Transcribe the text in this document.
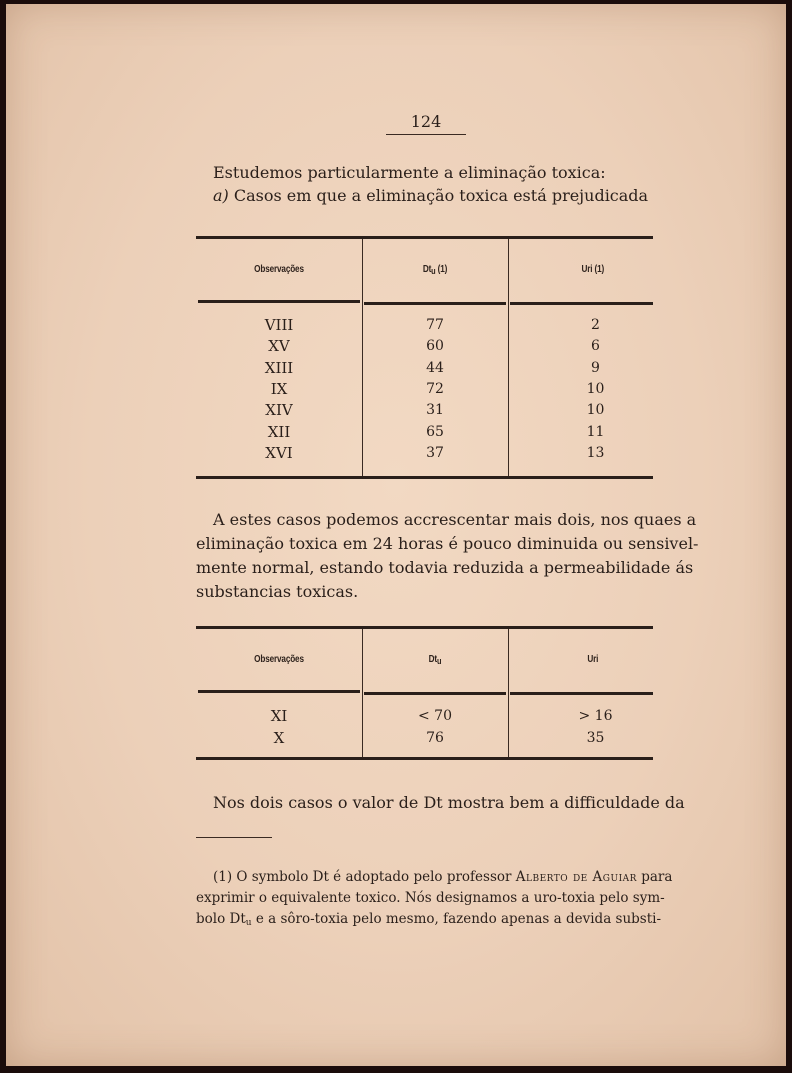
124
Estudemos particularmente a eliminação toxica:
a) Casos em que a eliminação toxica está prejudicada
Observações	Dtu (1)	Uri (1)
VIII	77	2
XV	60	6
XIII	44	9
IX	72	10
XIV	31	10
XII	65	11
XVI	37	13
A estes casos podemos accrescentar mais dois, nos quaes a
eliminação toxica em 24 horas é pouco diminuida ou sensivel-
mente normal, estando todavia reduzida a permeabilidade ás
substancias toxicas.
Observações	Dtu	Uri
XI	< 70	> 16
X	76	35
Nos dois casos o valor de Dt mostra bem a difficuldade da
(1) O symbolo Dt é adoptado pelo professor Alberto de Aguiar para
exprimir o equivalente toxico. Nós designamos a uro-toxia pelo sym-
bolo $Dt_u$ e a sôro-toxia pelo mesmo, fazendo apenas a devida substi-
